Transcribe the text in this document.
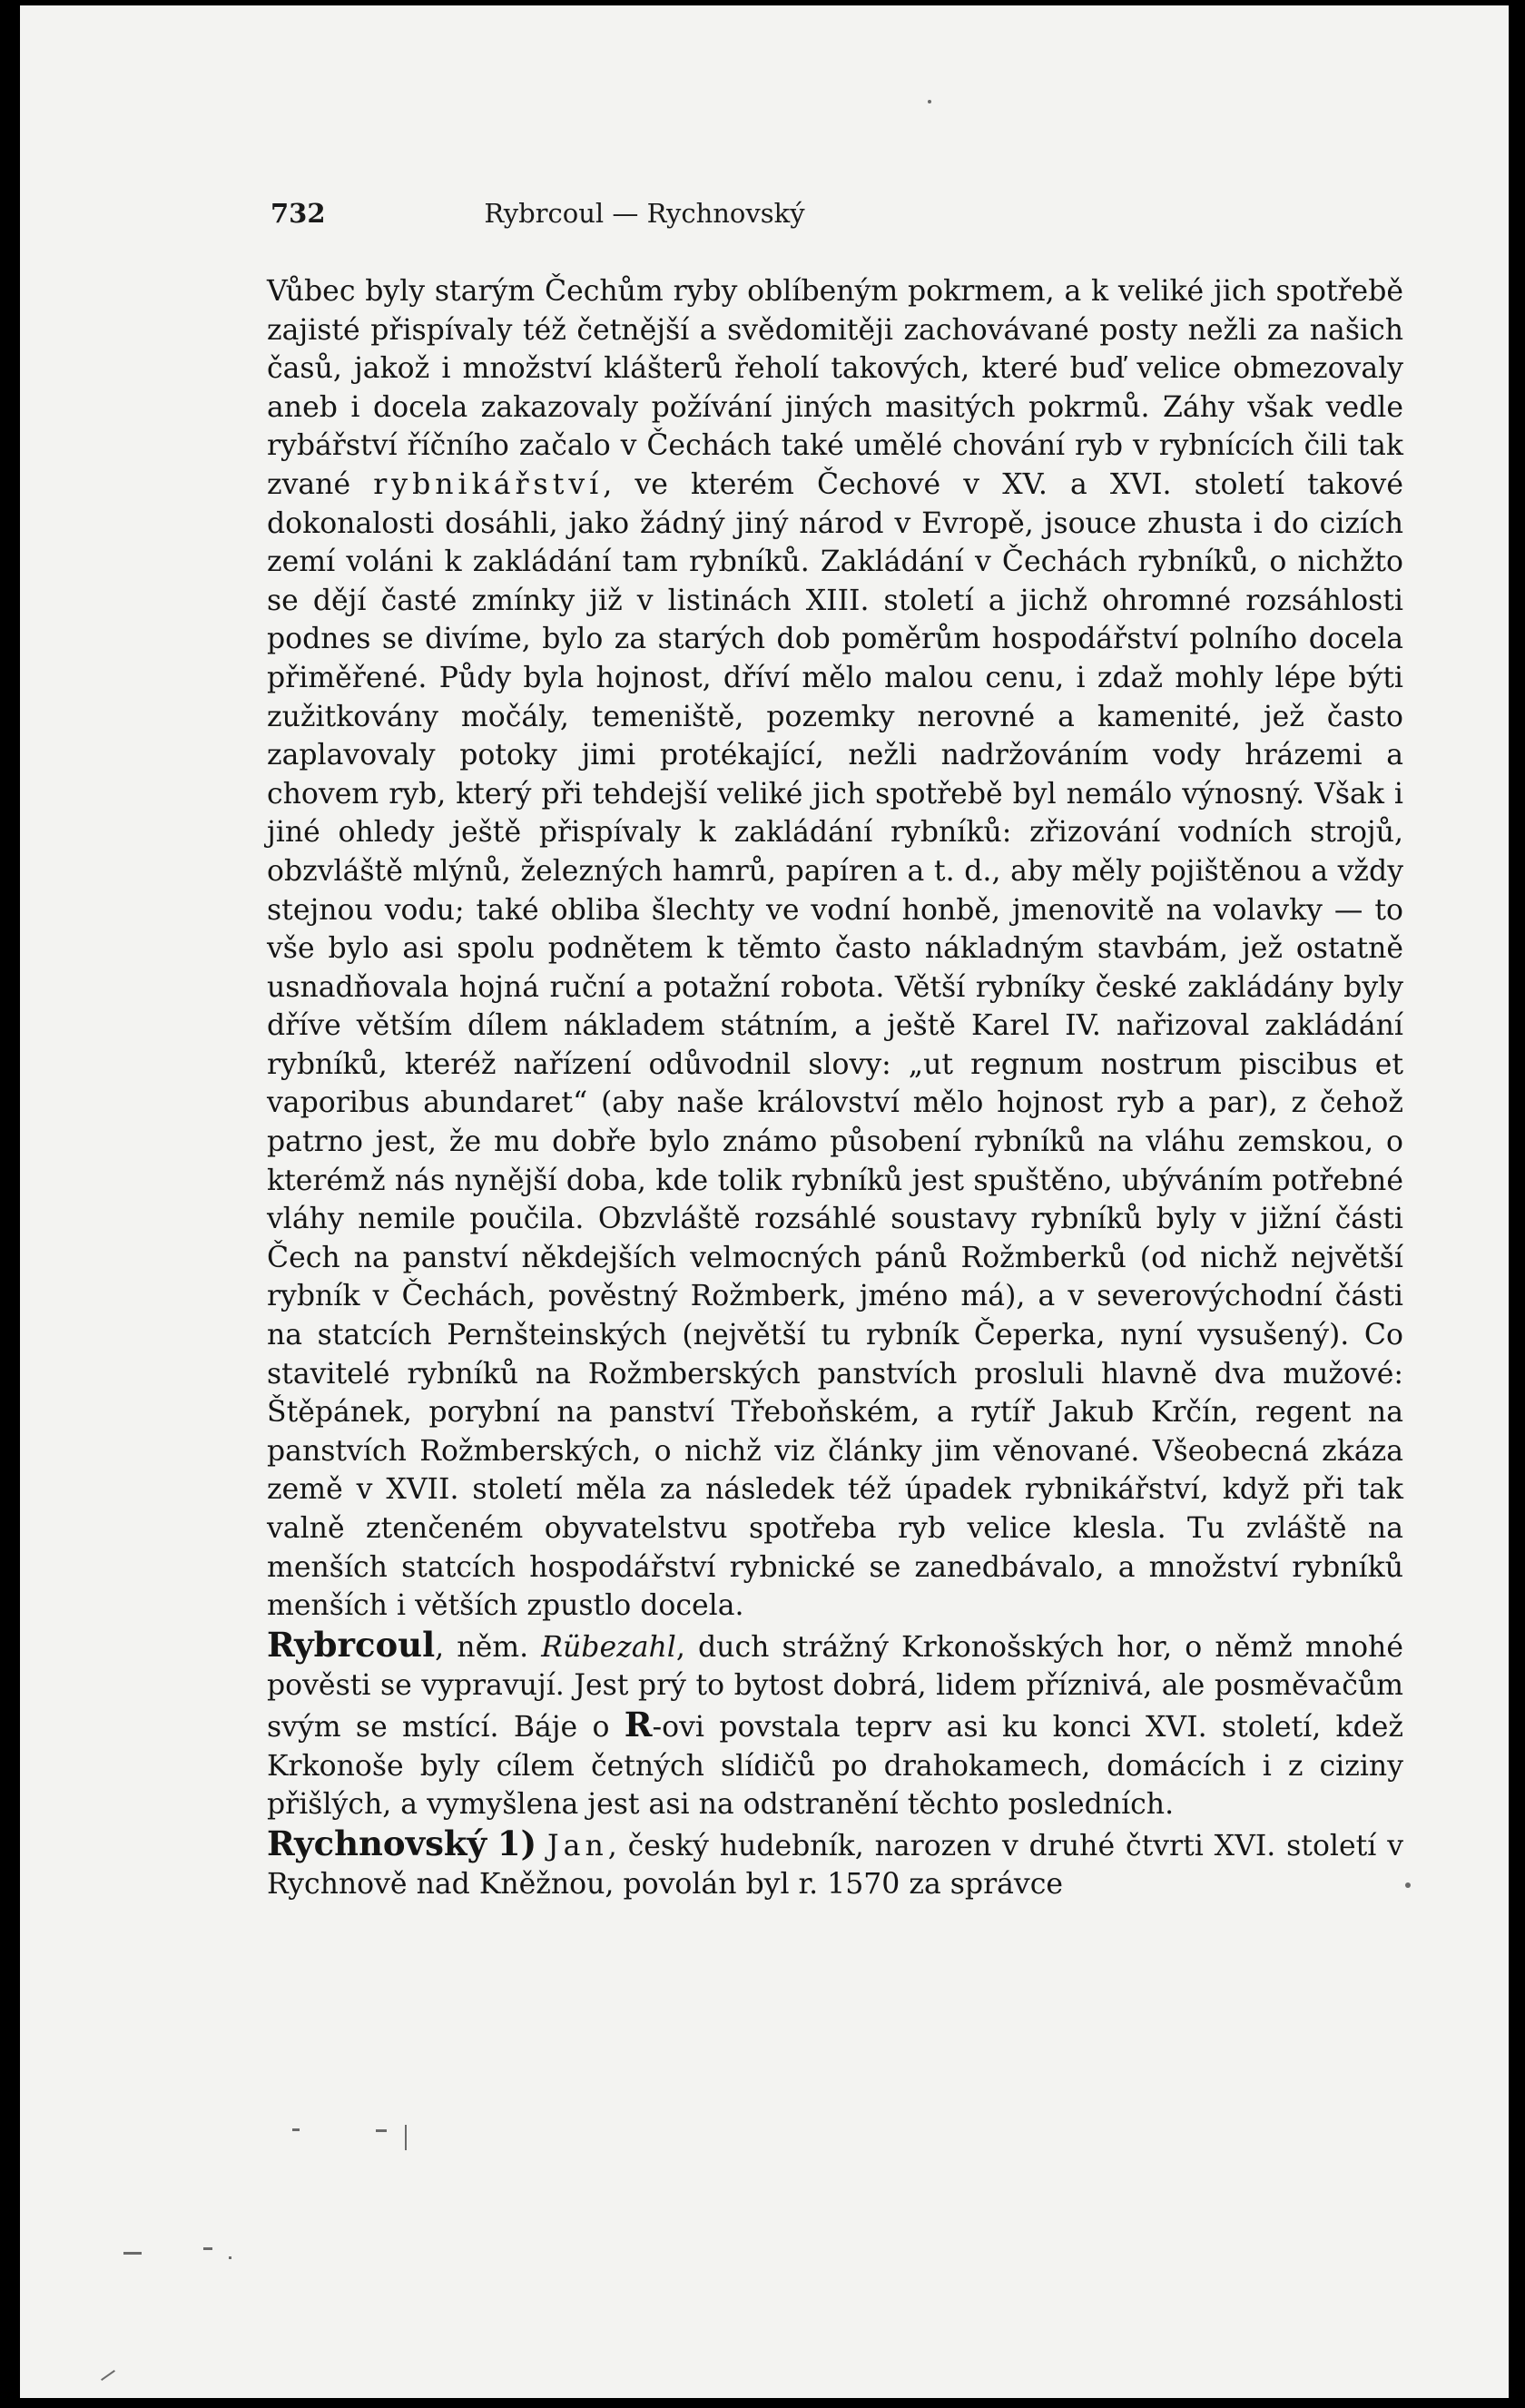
732	Rybrcoul — Rychnovský

Vůbec byly starým Čechům ryby oblíbeným pokrmem, a k veliké jich spotřebě zajisté přispívaly též četnější a svědomitěji zachovávané posty nežli za našich časů, jakož i množství klášterů řeholí takových, které buď velice obmezovaly aneb i docela zakazovaly požívání jiných masitých pokrmů. Záhy však vedle rybářství říčního začalo v Čechách také umělé chování ryb v rybnících čili tak zvané rybnikářství, ve kterém Čechové v XV. a XVI. století takové dokonalosti dosáhli, jako žádný jiný národ v Evropě, jsouce zhusta i do cizích zemí voláni k zakládání tam rybníků. Zakládání v Čechách rybníků, o nichžto se dějí časté zmínky již v listinách XIII. století a jichž ohromné rozsáhlosti podnes se divíme, bylo za starých dob poměrům hospodářství polního docela přiměřené. Půdy byla hojnost, dříví mělo malou cenu, i zdaž mohly lépe býti zužitkovány močály, temeniště, pozemky nerovné a kamenité, jež často zaplavovaly potoky jimi protékající, nežli nadržováním vody hrázemi a chovem ryb, který při tehdejší veliké jich spotřebě byl nemálo výnosný. Však i jiné ohledy ještě přispívaly k zakládání rybníků: zřizování vodních strojů, obzvláště mlýnů, železných hamrů, papíren a t. d., aby měly pojištěnou a vždy stejnou vodu; také obliba šlechty ve vodní honbě, jmenovitě na volavky — to vše bylo asi spolu podnětem k těmto často nákladným stavbám, jež ostatně usnadňovala hojná ruční a potažní robota. Větší rybníky české zakládány byly dříve větším dílem nákladem státním, a ještě Karel IV. nařizoval zakládání rybníků, kteréž nařízení odůvodnil slovy: „ut regnum nostrum piscibus et vaporibus abundaret“ (aby naše království mělo hojnost ryb a par), z čehož patrno jest, že mu dobře bylo známo působení rybníků na vláhu zemskou, o kterémž nás nynější doba, kde tolik rybníků jest spuštěno, ubýváním potřebné vláhy nemile poučila. Obzvláště rozsáhlé soustavy rybníků byly v jižní části Čech na panství někdejších velmocných pánů Rožmberků (od nichž největší rybník v Čechách, pověstný Rožmberk, jméno má), a v severovýchodní části na statcích Pernšteinských (největší tu rybník Čeperka, nyní vysušený). Co stavitelé rybníků na Rožmberských panstvích prosluli hlavně dva mužové: Štěpánek, porybní na panství Třeboňském, a rytíř Jakub Krčín, regent na panstvích Rožmberských, o nichž viz články jim věnované. Všeobecná zkáza země v XVII. století měla za následek též úpadek rybnikářství, když při tak valně ztenčeném obyvatelstvu spotřeba ryb velice klesla. Tu zvláště na menších statcích hospodářství rybnické se zanedbávalo, a množství rybníků menších i větších zpustlo docela.

Rybrcoul, něm. Rübezahl, duch strážný Krkonošských hor, o němž mnohé pověsti se vypravují. Jest prý to bytost dobrá, lidem příznivá, ale posměvačům svým se mstící. Báje o R-ovi povstala teprv asi ku konci XVI. století, kdež Krkonoše byly cílem četných slídičů po drahokamech, domácích i z ciziny přišlých, a vymyšlena jest asi na odstranění těchto posledních.

Rychnovský 1) Jan, český hudebník, narozen v druhé čtvrti XVI. století v Rychnově nad Kněžnou, povolán byl r. 1570 za správce
